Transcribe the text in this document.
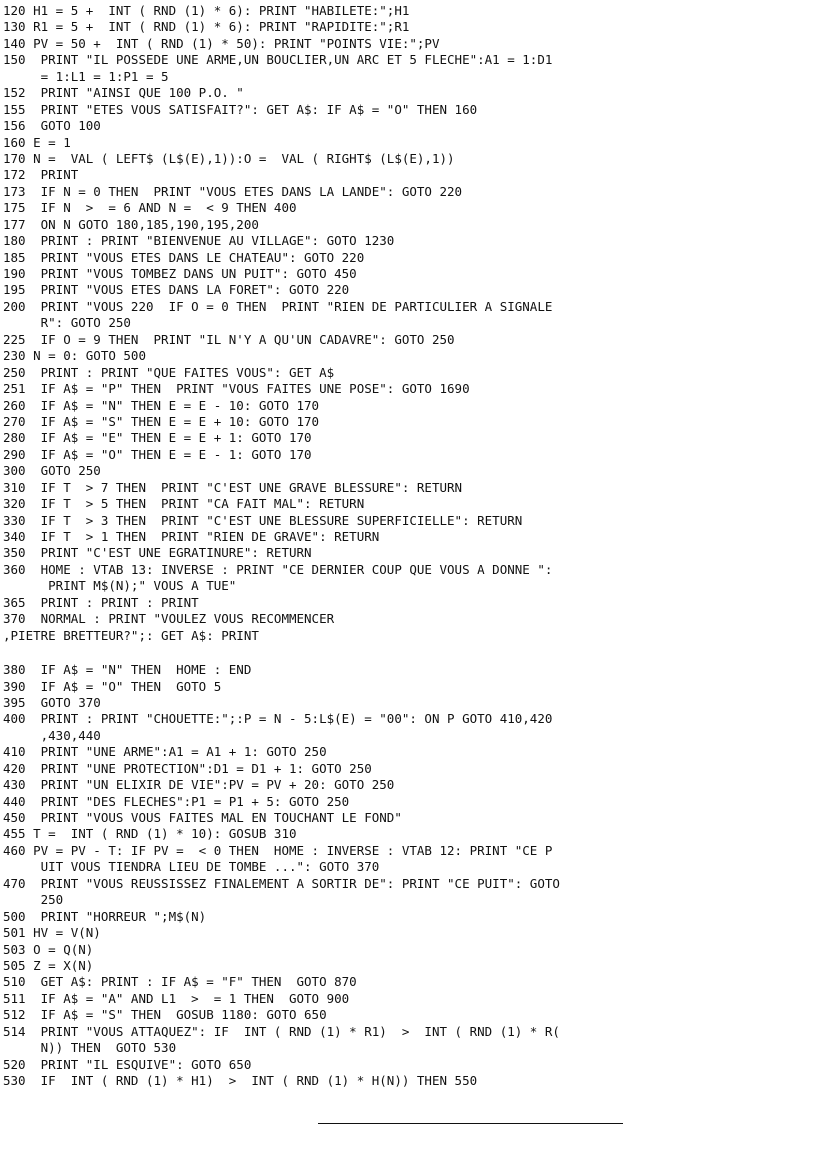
120 H1 = 5 +  INT ( RND (1) * 6): PRINT "HABILETE:";H1
130 R1 = 5 +  INT ( RND (1) * 6): PRINT "RAPIDITE:";R1
140 PV = 50 +  INT ( RND (1) * 50): PRINT "POINTS VIE:";PV
150  PRINT "IL POSSEDE UNE ARME,UN BOUCLIER,UN ARC ET 5 FLECHE":A1 = 1:D1
= 1:L1 = 1:P1 = 5
152  PRINT "AINSI QUE 100 P.O. "
155  PRINT "ETES VOUS SATISFAIT?": GET A$: IF A$ = "O" THEN 160
156  GOTO 100
160 E = 1
170 N =  VAL ( LEFT$ (L$(E),1)):O =  VAL ( RIGHT$ (L$(E),1))
172  PRINT
173  IF N = 0 THEN  PRINT "VOUS ETES DANS LA LANDE": GOTO 220
175  IF N  >  = 6 AND N =  < 9 THEN 400
177  ON N GOTO 180,185,190,195,200
180  PRINT : PRINT "BIENVENUE AU VILLAGE": GOTO 1230
185  PRINT "VOUS ETES DANS LE CHATEAU": GOTO 220
190  PRINT "VOUS TOMBEZ DANS UN PUIT": GOTO 450
195  PRINT "VOUS ETES DANS LA FORET": GOTO 220
200  PRINT "VOUS 220  IF O = 0 THEN  PRINT "RIEN DE PARTICULIER A SIGNALE
R": GOTO 250
225  IF O = 9 THEN  PRINT "IL N'Y A QU'UN CADAVRE": GOTO 250
230 N = 0: GOTO 500
250  PRINT : PRINT "QUE FAITES VOUS": GET A$
251  IF A$ = "P" THEN  PRINT "VOUS FAITES UNE POSE": GOTO 1690
260  IF A$ = "N" THEN E = E - 10: GOTO 170
270  IF A$ = "S" THEN E = E + 10: GOTO 170
280  IF A$ = "E" THEN E = E + 1: GOTO 170
290  IF A$ = "O" THEN E = E - 1: GOTO 170
300  GOTO 250
310  IF T  > 7 THEN  PRINT "C'EST UNE GRAVE BLESSURE": RETURN
320  IF T  > 5 THEN  PRINT "CA FAIT MAL": RETURN
330  IF T  > 3 THEN  PRINT "C'EST UNE BLESSURE SUPERFICIELLE": RETURN
340  IF T  > 1 THEN  PRINT "RIEN DE GRAVE": RETURN
350  PRINT "C'EST UNE EGRATINURE": RETURN
360  HOME : VTAB 13: INVERSE : PRINT "CE DERNIER COUP QUE VOUS A DONNE ":
PRINT M$(N);" VOUS A TUE"
365  PRINT : PRINT : PRINT
370  NORMAL : PRINT "VOULEZ VOUS RECOMMENCER
,PIETRE BRETTEUR?";: GET A$: PRINT
380  IF A$ = "N" THEN  HOME : END
390  IF A$ = "O" THEN  GOTO 5
395  GOTO 370
400  PRINT : PRINT "CHOUETTE:";:P = N - 5:L$(E) = "00": ON P GOTO 410,420
,430,440
410  PRINT "UNE ARME":A1 = A1 + 1: GOTO 250
420  PRINT "UNE PROTECTION":D1 = D1 + 1: GOTO 250
430  PRINT "UN ELIXIR DE VIE":PV = PV + 20: GOTO 250
440  PRINT "DES FLECHES":P1 = P1 + 5: GOTO 250
450  PRINT "VOUS VOUS FAITES MAL EN TOUCHANT LE FOND"
455 T =  INT ( RND (1) * 10): GOSUB 310
460 PV = PV - T: IF PV =  < 0 THEN  HOME : INVERSE : VTAB 12: PRINT "CE P
UIT VOUS TIENDRA LIEU DE TOMBE ...": GOTO 370
470  PRINT "VOUS REUSSISSEZ FINALEMENT A SORTIR DE": PRINT "CE PUIT": GOTO
250
500  PRINT "HORREUR ";M$(N)
501 HV = V(N)
503 O = Q(N)
505 Z = X(N)
510  GET A$: PRINT : IF A$ = "F" THEN  GOTO 870
511  IF A$ = "A" AND L1  >  = 1 THEN  GOTO 900
512  IF A$ = "S" THEN  GOSUB 1180: GOTO 650
514  PRINT "VOUS ATTAQUEZ": IF  INT ( RND (1) * R1)  >  INT ( RND (1) * R(
N)) THEN  GOTO 530
520  PRINT "IL ESQUIVE": GOTO 650
530  IF  INT ( RND (1) * H1)  >  INT ( RND (1) * H(N)) THEN 550
